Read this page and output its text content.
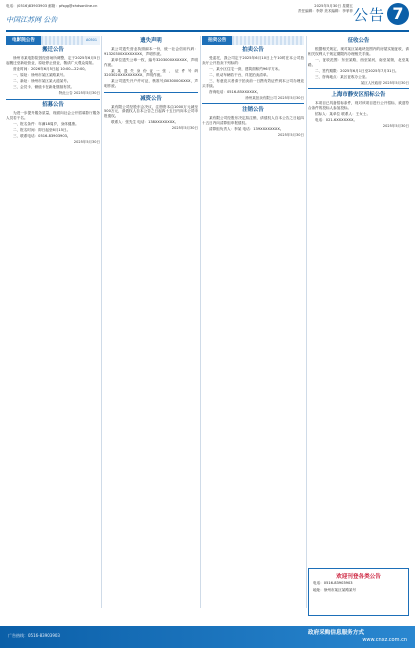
电话：(0516)83903903 邮箱：pfsgg@xhdsonline.cn
中国江苏网 公告
2025年5月30日 星期五
责任编辑：李婷 美术编辑：李菲菲 公告 7
电影院公告	A0501
搬迁公告

徐州市某电影院因经营场所调整，定于2025年6月5日起搬迁至新址营业，原址停止营业，敬请广大观众周知。

营业时间：2026年6月5日起 10:00—22:00。

一、原址：徐州市某区某路某号。

二、新址：徐州市某区某大道某号。

三、会员卡、储值卡在新址继续有效。

特此公告 2025年5月30日
招募公告

为进一步提升服务质量，现面向社会公开招募影厅服务人员若干名。

一、报名条件：年满18周岁，身体健康。

二、报名时间：即日起至6月15日。

三、联系电话：0516-83903903。

2025年5月30日
遗失声明

某公司遗失营业执照副本一份，统一社会信用代码：91320300XXXXXXXX，声明作废。

某单位遗失公章一枚，编号3203000XXXXXX，声明作废。

某某遗失身份证一张，证件号码320302XXXXXXXXXX，声明作废。

某公司遗失开户许可证，核准号J3030000XXXX，声明作废。

减资公告

某有限公司经股东会决议，注册资本由1000万元减至500万元，请债权人自本公告之日起四十五日内向本公司申报债权。

联系人：张先生 电话：138XXXXXXXX。

2025年5月30日
拍卖公告
拍卖公告

受委托，我公司定于2025年6月10日上午10时在本公司拍卖厅公开拍卖下列标的：

一、某小区住宅一套，建筑面积约96平方米。

二、机动车辆若干台，详见拍卖清单。

三、有意竞买者请于拍卖前一日携有效证件到本公司办理竞买手续。

咨询电话：0516-85XXXXXX。

徐州某拍卖有限公司 2025年5月30日
注销公告

某有限公司经股东决定拟注销，请债权人自本公告之日起四十五日内向清算组申报债权。

清算组负责人：李某 电话：139XXXXXXXX。

2025年5月30日
征收公告

根据相关规定，现对某区某地块范围内的房屋实施征收，请相关权利人于规定期限内办理相关手续。

一、征收范围：东至某路，西至某河，南至某街，北至某路。

二、签约期限：2025年6月1日至2025年7月31日。

三、咨询地点：某区征收办公室。

某区人民政府 2025年5月30日
上海市静安区招标公告

本项目已具备招标条件，现对该项目进行公开招标，欢迎符合条件的投标人参加投标。

招标人：某单位 联系人：王女士。

电话：021-6XXXXXXX。

2025年5月30日
欢迎刊登各类公告
电话：0516-83903903
地址：徐州市某区某路某号
广告热线：0516-83903903	政府采购信息服务方式
www.cnxz.com.cn
